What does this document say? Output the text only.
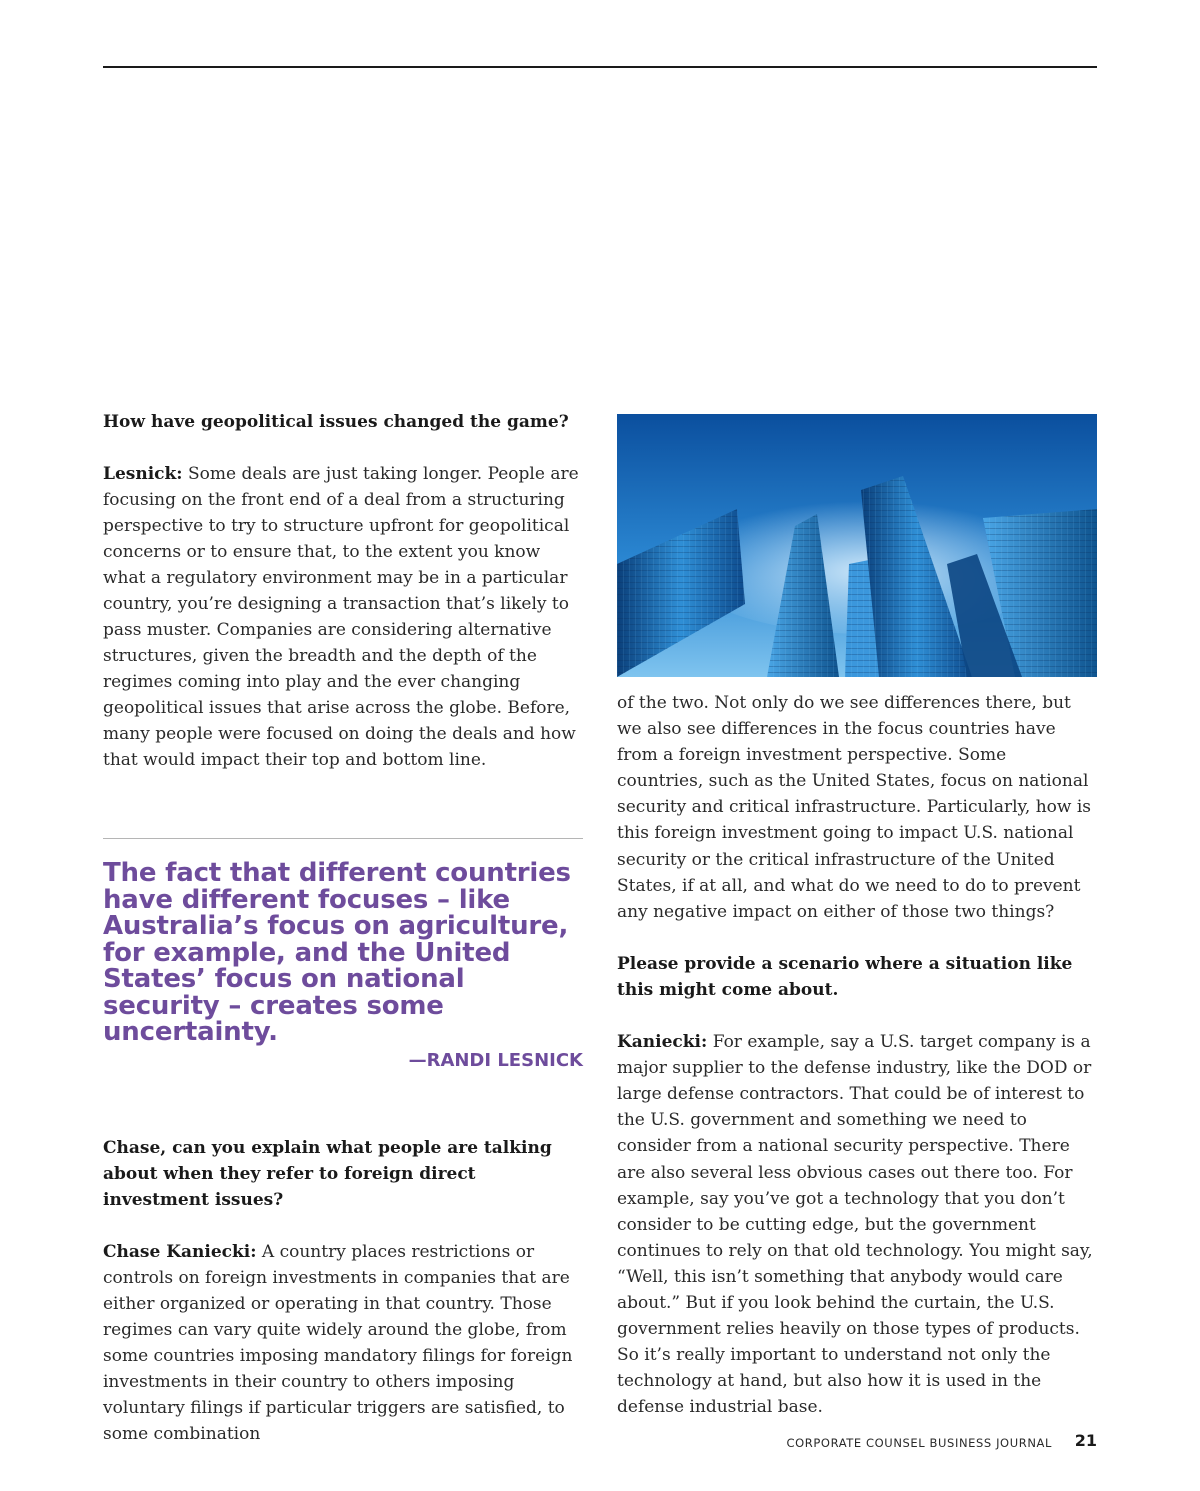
How have geopolitical issues changed the game?

Lesnick: Some deals are just taking longer. People are focusing on the front end of a deal from a structuring perspective to try to structure upfront for geopolitical concerns or to ensure that, to the extent you know what a regulatory environment may be in a particular country, you’re designing a transaction that’s likely to pass muster. Companies are considering alternative structures, given the breadth and the depth of the regimes coming into play and the ever changing geopolitical issues that arise across the globe. Before, many people were focused on doing the deals and how that would impact their top and bottom line.

The fact that different countries have different focuses – like Australia’s focus on agriculture, for example, and the United States’ focus on national security – creates some uncertainty.

—RANDI LESNICK

Chase, can you explain what people are talking about when they refer to foreign direct investment issues?

Chase Kaniecki: A country places restrictions or controls on foreign investments in companies that are either organized or operating in that country. Those regimes can vary quite widely around the globe, from some countries imposing mandatory filings for foreign investments in their country to others imposing voluntary filings if particular triggers are satisfied, to some combination

of the two. Not only do we see differences there, but we also see differences in the focus countries have from a foreign investment perspective. Some countries, such as the United States, focus on national security and critical infrastructure. Particularly, how is this foreign investment going to impact U.S. national security or the critical infrastructure of the United States, if at all, and what do we need to do to prevent any negative impact on either of those two things?

Please provide a scenario where a situation like this might come about.

Kaniecki: For example, say a U.S. target company is a major supplier to the defense industry, like the DOD or large defense contractors. That could be of interest to the U.S. government and something we need to consider from a national security perspective. There are also several less obvious cases out there too. For example, say you’ve got a technology that you don’t consider to be cutting edge, but the government continues to rely on that old technology. You might say, “Well, this isn’t something that anybody would care about.” But if you look behind the curtain, the U.S. government relies heavily on those types of products. So it’s really important to understand not only the technology at hand, but also how it is used in the defense industrial base.

CORPORATE COUNSEL BUSINESS JOURNAL	21
